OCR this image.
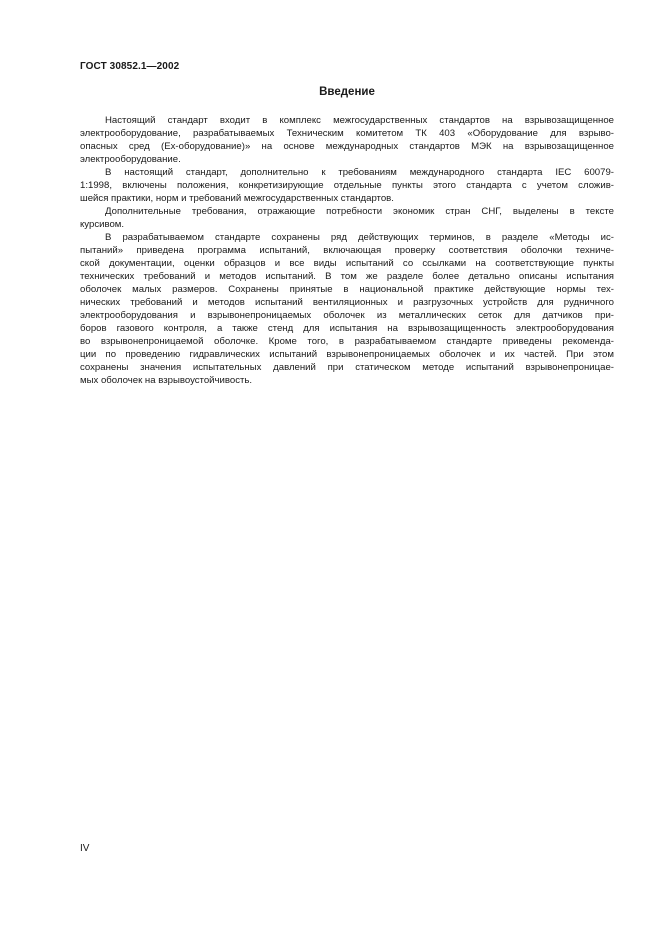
ГОСТ 30852.1—2002
Введение

Настоящий стандарт входит в комплекс межгосударственных стандартов на взрывозащищенное
электрооборудование, разрабатываемых Техническим комитетом ТК 403 «Оборудование для взрыво-
опасных сред (Ех-оборудование)» на основе международных стандартов МЭК на взрывозащищенное
электрооборудование.

В настоящий стандарт, дополнительно к требованиям международного стандарта IEC 60079-
1:1998, включены положения, конкретизирующие отдельные пункты этого стандарта с учетом сложив-
шейся практики, норм и требований межгосударственных стандартов.

Дополнительные требования, отражающие потребности экономик стран СНГ, выделены в тексте
курсивом.

В разрабатываемом стандарте сохранены ряд действующих терминов, в разделе «Методы ис-
пытаний» приведена программа испытаний, включающая проверку соответствия оболочки техниче-
ской документации, оценки образцов и все виды испытаний со ссылками на соответствующие пункты
технических требований и методов испытаний. В том же разделе более детально описаны испытания
оболочек малых размеров. Сохранены принятые в национальной практике действующие нормы тех-
нических требований и методов испытаний вентиляционных и разгрузочных устройств для рудничного
электрооборудования и взрывонепроницаемых оболочек из металлических сеток для датчиков при-
боров газового контроля, а также стенд для испытания на взрывозащищенность электрооборудования
во взрывонепроницаемой оболочке. Кроме того, в разрабатываемом стандарте приведены рекоменда-
ции по проведению гидравлических испытаний взрывонепроницаемых оболочек и их частей. При этом
сохранены значения испытательных давлений при статическом методе испытаний взрывонепроницае-
мых оболочек на взрывоустойчивость.

IV
